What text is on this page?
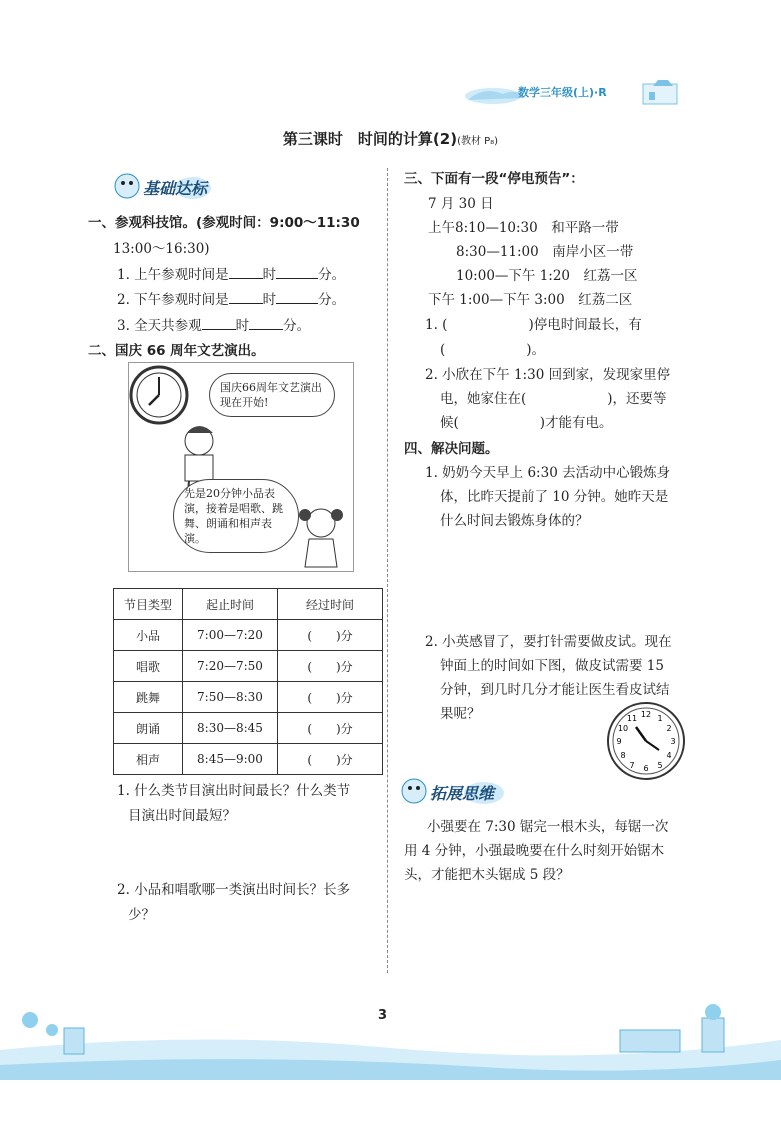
数学三年级(上)·R
第三课时　时间的计算(2)(教材 P₈)
基础达标
一、参观科技馆。(参观时间：9:00～11:30
13:00～16:30)
1. 上午参观时间是	时	分。
2. 下午参观时间是	时	分。
3. 全天共参观	时	分。
二、国庆 66 周年文艺演出。
国庆66周年文艺演出现在开始!
先是20分钟小品表演，接着是唱歌、跳舞、朗诵和相声表演。
节目类型	起止时间	经过时间
小品	7:00—7:20	(　　)分
唱歌	7:20—7:50	(　　)分
跳舞	7:50—8:30	(　　)分
朗诵	8:30—8:45	(　　)分
相声	8:45—9:00	(　　)分
1. 什么类节目演出时间最长？什么类节
目演出时间最短？
2. 小品和唱歌哪一类演出时间长？长多
少？
三、下面有一段“停电预告”：
7 月 30 日
上午8:10—10:30　和平路一带
8:30—11:00　南岸小区一带
10:00—下午 1:20　红荔一区
下午 1:00—下午 3:00　红荔二区
1. (　　　　　　)停电时间最长，有
(　　　　　　)。
2. 小欣在下午 1:30 回到家，发现家里停
电，她家住在(　　　　　　)，还要等
候(　　　　　　)才能有电。
四、解决问题。
1. 奶奶今天早上 6:30 去活动中心锻炼身
体，比昨天提前了 10 分钟。她昨天是
什么时间去锻炼身体的？
2. 小英感冒了，要打针需要做皮试。现在
钟面上的时间如下图，做皮试需要 15
分钟，到几时几分才能让医生看皮试结
果呢？	12
3
6
9
1
2
4
5
7
8
10
11
拓展思维
小强要在 7:30 锯完一根木头，每锯一次
用 4 分钟，小强最晚要在什么时刻开始锯木
头，才能把木头锯成 5 段？
3
